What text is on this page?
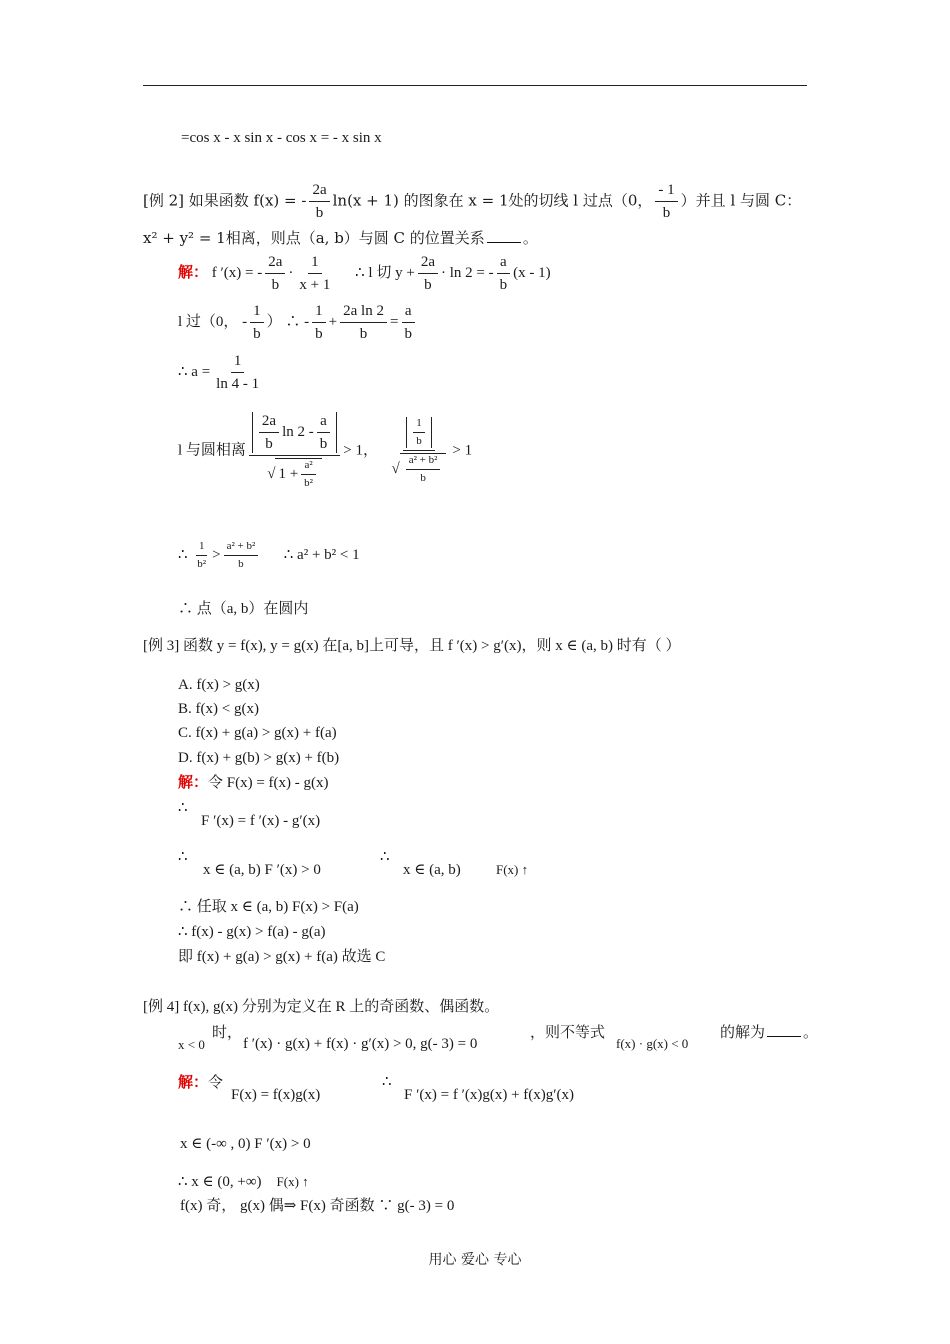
=cos x - x sin x - cos x = - x sin x
[例 2] 如果函数 f(x) = - $\frac{2a}{b} \ln(x + 1)$ 的图象在 x = 1处的切线 l 过点（0， $\frac{- 1}{b}$ ）并且 l 与圆 C：
x² + y² = 1相离，则点（a, b）与圆 C 的位置关系	。
解： f ′(x) = - $\frac{2a}{b} \cdot \frac{1}{x + 1}$ ∴ l 切 $y + \frac{2a}{b} \cdot \ln 2$ = - $\frac{a}{b} (x - 1)$
l 过（0， - $\frac{1}{b}$ ） ∴ - $\frac{1}{b} + \frac{\text{2a ln 2}}{b} = \frac{a}{b}$
∴ $a = \frac{1}{\ln 4 - 1}$
l 与圆相离 $\frac{\frac{2a}{b} \ln 2 - \frac{a}{b}}{√ 1 + \frac{\text{a²}}{\text{b²}}} > 1$， $\frac{\frac{1}{b}}{√ \frac{\text{a² + b²}}{b}} > 1$
∴ $\frac{1}{\text{b²}} > \frac{\text{a² + b²}}{b}$ ∴ a² + b² < 1
∴ 点（a, b）在圆内
[例 3] 函数 y = f(x), y = g(x) 在[a, b]上可导，且 f ′(x) > g′(x)，则 x ∈ (a, b) 时有（ ）
A. f(x) > g(x)
B. f(x) < g(x)
C. f(x) + g(a) > g(x) + f(a)
D. f(x) + g(b) > g(x) + f(b)
解：令 F(x) = f(x) - g(x)
∴
F ′(x) = f ′(x) - g′(x)
∴
x ∈ (a, b) F ′(x) > 0
∴
x ∈ (a, b)	F(x) ↑
∴ 任取 x ∈ (a, b) F(x) > F(a)
∴ f(x) - g(x) > f(a) - g(a)
即 f(x) + g(a) > g(x) + f(a) 故选 C
[例 4] f(x), g(x) 分别为定义在 R 上的奇函数、偶函数。
x < 0
时，
f ′(x) · g(x) + f(x) · g′(x) > 0, g(- 3) = 0
，则不等式
f(x) · g(x) < 0
的解为	。
解：令
F(x) = f(x)g(x)
∴
F ′(x) = f ′(x)g(x) + f(x)g′(x)
x ∈ (-∞ , 0) F ′(x) > 0
∴ x ∈ (0, +∞) F(x) ↑
f(x) 奇， g(x) 偶⇒ F(x) 奇函数 ∵ g(- 3) = 0
用心 爱心 专心
